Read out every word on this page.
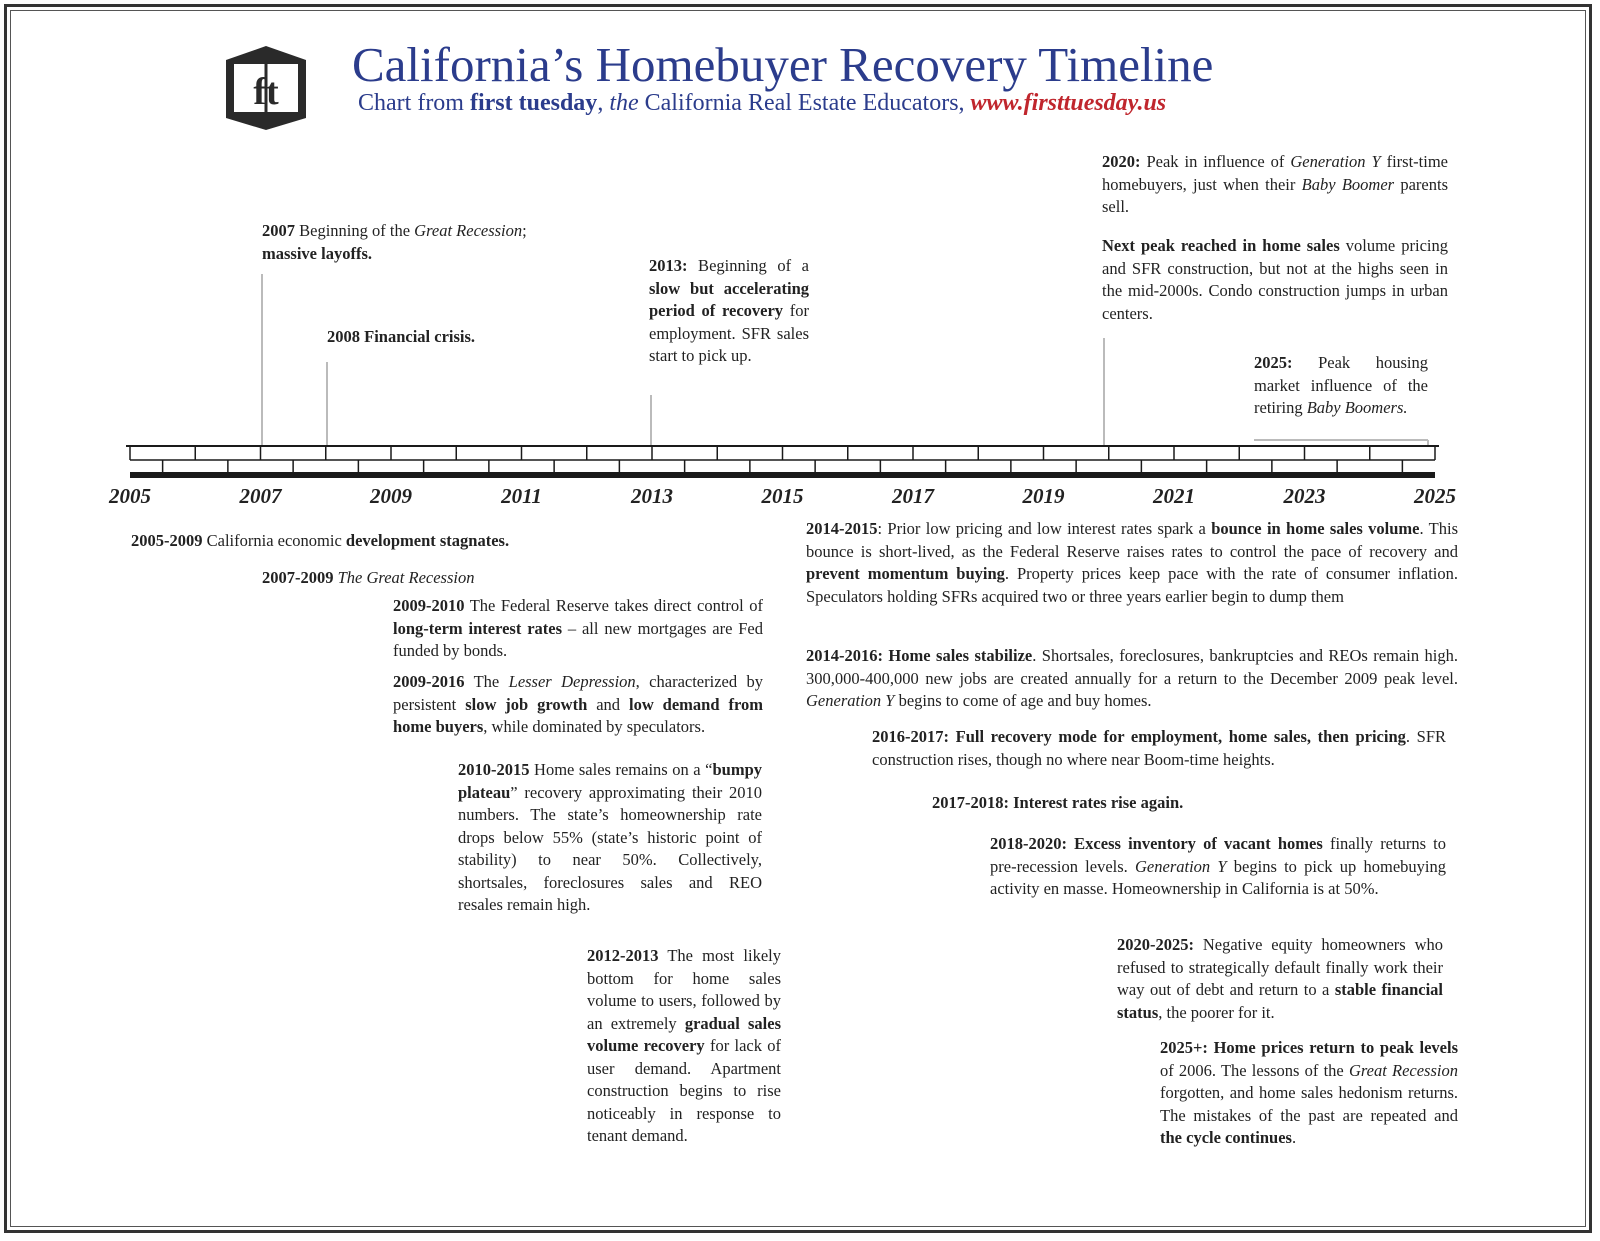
ft California’s Homebuyer Recovery Timeline
Chart from first tuesday, the California Real Estate Educators, www.firsttuesday.us
2005	2007	2009	2011	2013	2015	2017	2019	2021	2023	2025
2007 Beginning of the Great Recession;
massive layoffs.
2008 Financial crisis.
2013: Beginning of a slow but accelerating period of recovery for employment. SFR sales start to pick up.
2020: Peak in influence of Generation Y first-time homebuyers, just when their Baby Boomer parents sell.
Next peak reached in home sales volume pricing and SFR construction, but not at the highs seen in the mid-2000s. Condo construction jumps in urban centers.
2025: Peak housing market influence of the retiring Baby Boomers.
2005-2009 California economic development stagnates.
2007-2009 The Great Recession
2009-2010 The Federal Reserve takes direct control of long-term interest rates – all new mortgages are Fed funded by bonds.
2009-2016 The Lesser Depression, characterized by persistent slow job growth and low demand from home buyers, while dominated by speculators.
2010-2015 Home sales remains on a “bumpy plateau” recovery approximating their 2010 numbers. The state’s homeownership rate drops below 55% (state’s historic point of stability) to near 50%. Collectively, shortsales, foreclosures sales and REO resales remain high.
2012-2013 The most likely bottom for home sales volume to users, followed by an extremely gradual sales volume recovery for lack of user demand. Apartment construction begins to rise noticeably in response to tenant demand.
2014-2015: Prior low pricing and low interest rates spark a bounce in home sales volume. This bounce is short-lived, as the Federal Reserve raises rates to control the pace of recovery and prevent momentum buying. Property prices keep pace with the rate of consumer inflation. Speculators holding SFRs acquired two or three years earlier begin to dump them
2014-2016: Home sales stabilize. Shortsales, foreclosures, bankruptcies and REOs remain high. 300,000-400,000 new jobs are created annually for a return to the December 2009 peak level. Generation Y begins to come of age and buy homes.
2016-2017: Full recovery mode for employment, home sales, then pricing. SFR construction rises, though no where near Boom-time heights.
2017-2018: Interest rates rise again.
2018-2020: Excess inventory of vacant homes finally returns to pre-recession levels. Generation Y begins to pick up homebuying activity en masse. Homeownership in California is at 50%.
2020-2025: Negative equity homeowners who refused to strategically default finally work their way out of debt and return to a stable financial status, the poorer for it.
2025+: Home prices return to peak levels of 2006. The lessons of the Great Recession forgotten, and home sales hedonism returns. The mistakes of the past are repeated and the cycle continues.
